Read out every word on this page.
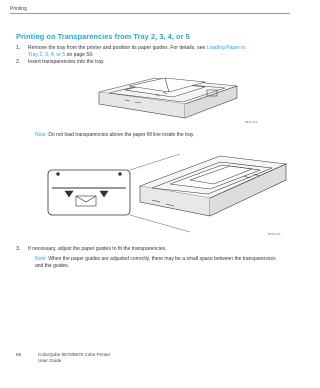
Printing
Printing on Transparencies from Tray 2, 3, 4, or 5
1.	Remove the tray from the printer and position its paper guides. For details, see Loading Paper in
Tray 2, 3, 4, or 5 on page 59.
2.	Insert transparencies into the tray.
8870-112
Note: Do not load transparencies above the paper fill line inside the tray.
8870-113
3.	If necessary, adjust the paper guides to fit the transparencies.
Note: When the paper guides are adjusted correctly, there may be a small space between the transparencies and the guides.
68	ColorQube 8570/8870 Color Printer
User Guide
